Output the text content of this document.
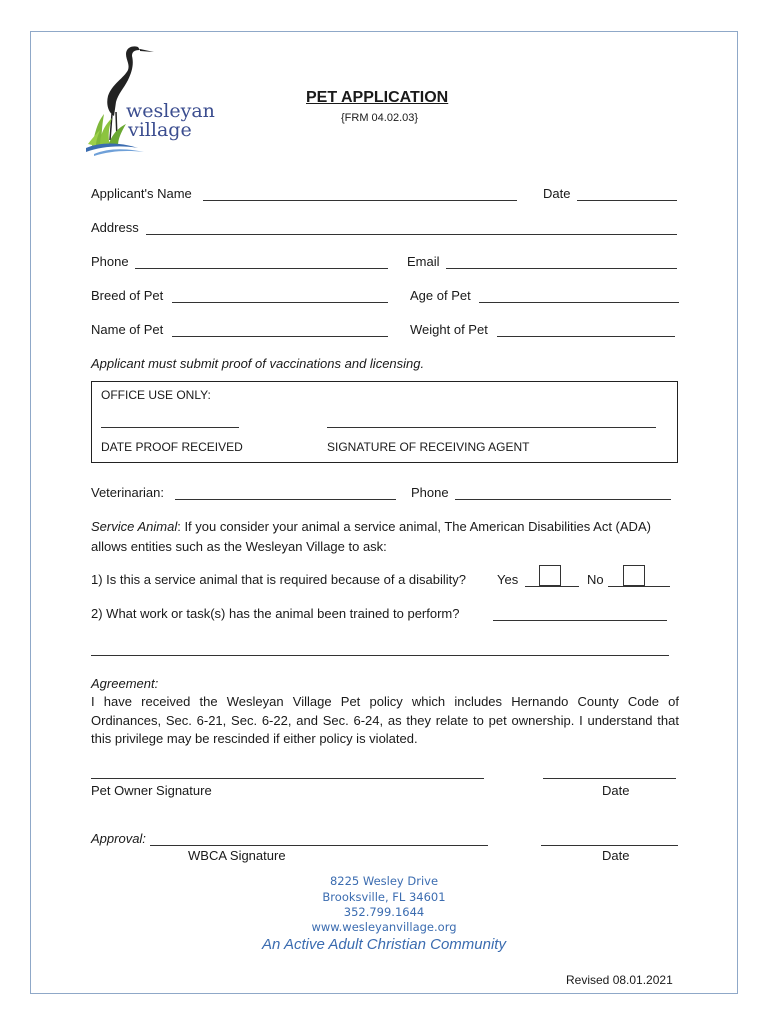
wesleyan
village
PET APPLICATION
{FRM 04.02.03}
Applicant's Name	Date
Address
Phone	Email
Breed of Pet	Age of Pet
Name of Pet	Weight of Pet
Applicant must submit proof of vaccinations and licensing.
OFFICE USE ONLY:
DATE PROOF RECEIVED	SIGNATURE OF RECEIVING AGENT
Veterinarian:	Phone
Service Animal: If you consider your animal a service animal, The American Disabilities Act (ADA)
allows entities such as the Wesleyan Village to ask:
1) Is this a service animal that is required because of a disability? Yes	No
2) What work or task(s) has the animal been trained to perform?
Agreement:
I have received the Wesleyan Village Pet policy which includes Hernando County Code of Ordinances, Sec. 6-21, Sec. 6-22, and Sec. 6-24, as they relate to pet ownership. I understand that this privilege may be rescinded if either policy is violated.
Pet Owner Signature	Date
Approval:
WBCA Signature	Date
8225 Wesley Drive
Brooksville, FL 34601
352.799.1644
www.wesleyanvillage.org
An Active Adult Christian Community
Revised 08.01.2021
